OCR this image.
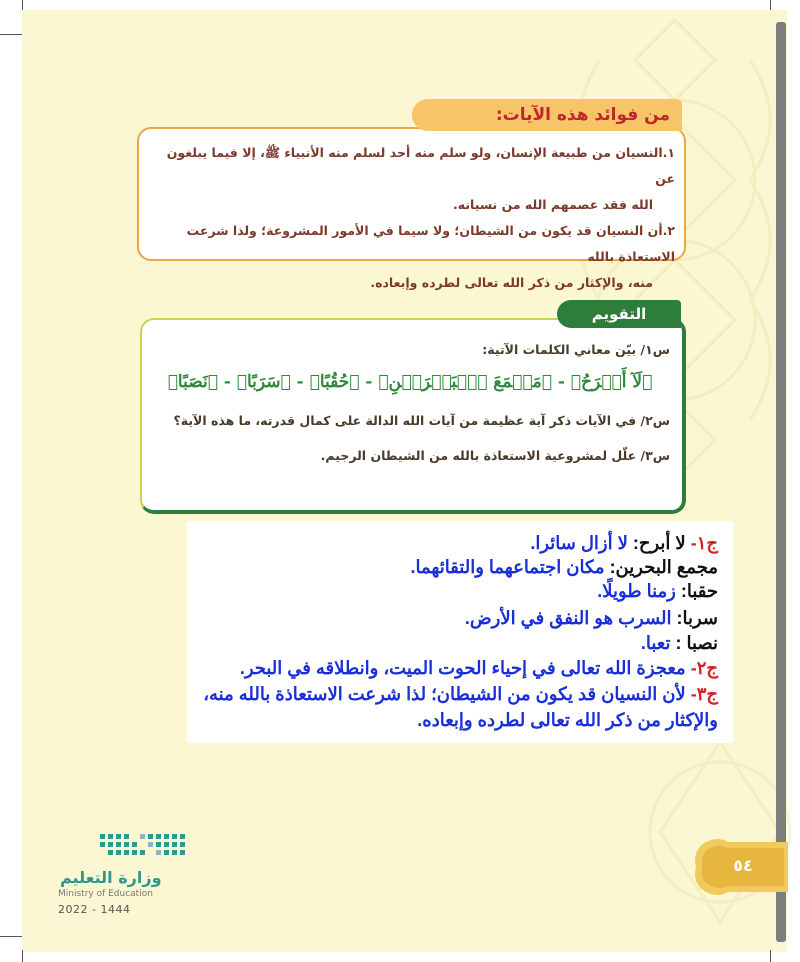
من فوائد هذه الآيات:
١.النسيان من طبيعة الإنسان، ولو سلم منه أحد لسلم منه الأنبياء ﷺ، إلا فيما يبلغون عن
الله فقد عصمهم الله من نسيانه.
٢.أن النسيان قد يكون من الشيطان؛ ولا سيما في الأمور المشروعة؛ ولذا شرعت الاستعاذة بالله
منه، والإكثار من ذكر الله تعالى لطرده وإبعاده.
التقويم
س١/ بيّن معاني الكلمات الآتية:
﴿لَآ أَبۡرَحُ﴾ - ﴿مَجۡمَعَ ٱلۡبَحۡرَيۡنِ﴾ - ﴿حُقُبًا﴾ - ﴿سَرَبًا﴾ - ﴿نَصَبًا﴾
س٢/ في الآيات ذكر آية عظيمة من آيات الله الدالة على كمال قدرته، ما هذه الآية؟
س٣/ علّل لمشروعية الاستعاذة بالله من الشيطان الرجيم.
ج١- لا أبرح: لا أزال سائرا.
مجمع البحرين: مكان اجتماعهما والتقائهما.
حقبا: زمنا طويلًا.
سربا: السرب هو النفق في الأرض.
نصبا : تعبا.
ج٢- معجزة الله تعالى في إحياء الحوت الميت، وانطلاقه في البحر.
ج٣- لأن النسيان قد يكون من الشيطان؛ لذا شرعت الاستعاذة بالله منه،
والإكثار من ذكر الله تعالى لطرده وإبعاده.
٥٤
وزارة التعليم
Ministry of Education
2022 - 1444
